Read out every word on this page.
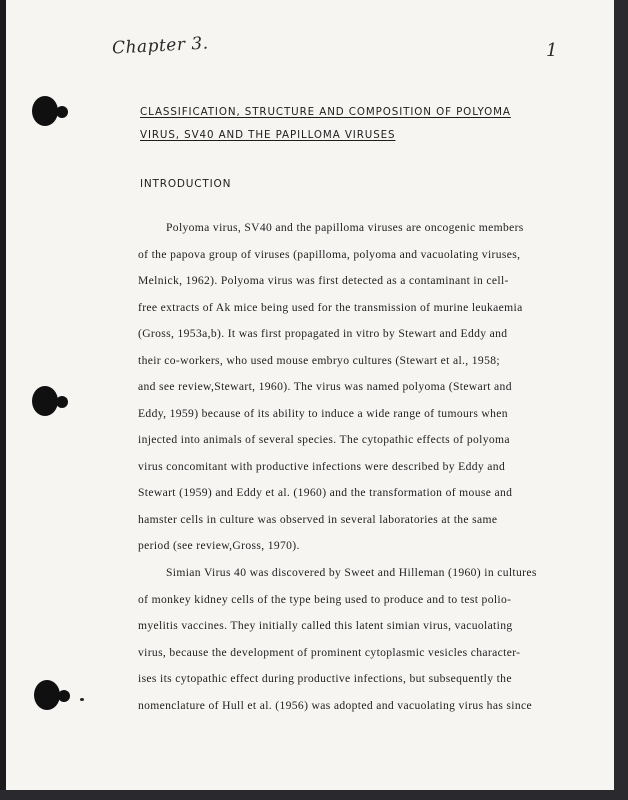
Chapter 3.	1
CLASSIFICATION, STRUCTURE AND COMPOSITION OF POLYOMA
VIRUS, SV40 AND THE PAPILLOMA VIRUSES
INTRODUCTION
Polyoma virus, SV40 and the papilloma viruses are oncogenic members
of the papova group of viruses (papilloma, polyoma and vacuolating viruses,
Melnick, 1962). Polyoma virus was first detected as a contaminant in cell-
free extracts of Ak mice being used for the transmission of murine leukaemia
(Gross, 1953a,b). It was first propagated in vitro by Stewart and Eddy and
their co-workers, who used mouse embryo cultures (Stewart et al., 1958;
and see review,Stewart, 1960). The virus was named polyoma (Stewart and
Eddy, 1959) because of its ability to induce a wide range of tumours when
injected into animals of several species. The cytopathic effects of polyoma
virus concomitant with productive infections were described by Eddy and
Stewart (1959) and Eddy et al. (1960) and the transformation of mouse and
hamster cells in culture was observed in several laboratories at the same
period (see review,Gross, 1970).
Simian Virus 40 was discovered by Sweet and Hilleman (1960) in cultures
of monkey kidney cells of the type being used to produce and to test polio-
myelitis vaccines. They initially called this latent simian virus, vacuolating
virus, because the development of prominent cytoplasmic vesicles character-
ises its cytopathic effect during productive infections, but subsequently the
nomenclature of Hull et al. (1956) was adopted and vacuolating virus has since
